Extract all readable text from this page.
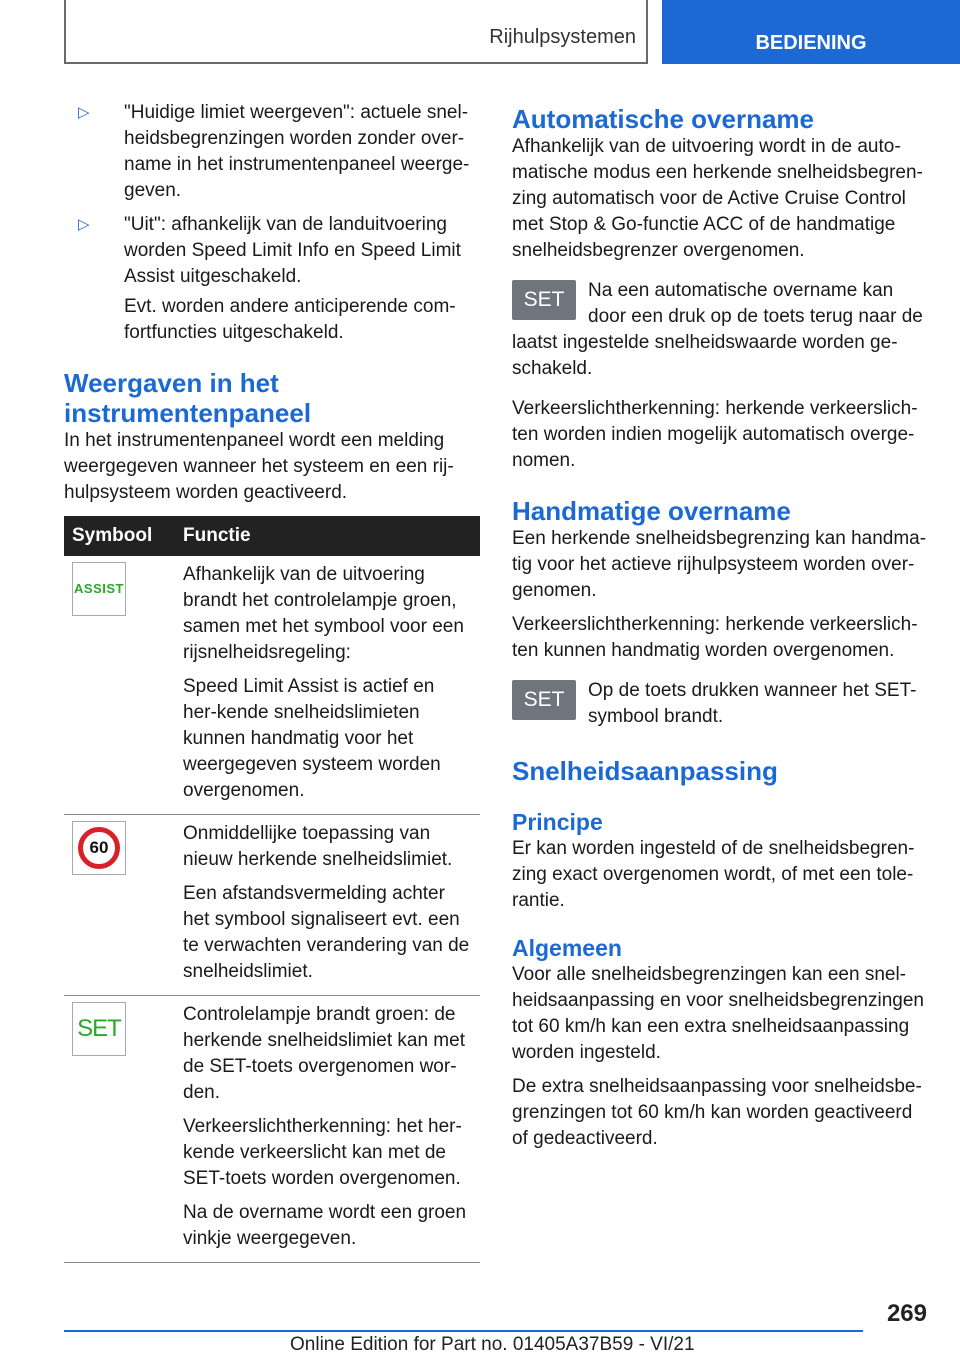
Rijhulpsystemen	BEDIENING
▷ "Huidige limiet weergeven": actuele snel-heidsbegrenzingen worden zonder over-name in het instrumentenpaneel weerge-geven.
▷ "Uit": afhankelijk van de landuitvoering worden Speed Limit Info en Speed Limit Assist uitgeschakeld.

Evt. worden andere anticiperende com-fortfuncties uitgeschakeld.

Weergaven in het instrumentenpaneel

In het instrumentenpaneel wordt een melding weergegeven wanneer het systeem en een rij-hulpsysteem worden geactiveerd.

Symbool	Functie

ASSIST	Afhankelijk van de uitvoering brandt het controlelampje groen, samen met het symbool voor een rijsnelheidsregeling:

Speed Limit Assist is actief en her-kende snelheidslimieten kunnen handmatig voor het weergegeven systeem worden overgenomen.

60	Onmiddellijke toepassing van nieuw herkende snelheidslimiet.

Een afstandsvermelding achter het symbool signaliseert evt. een te verwachten verandering van de snelheidslimiet.

SET	Controlelampje brandt groen: de herkende snelheidslimiet kan met de SET-toets overgenomen wor-den.

Verkeerslichtherkenning: het her-kende verkeerslicht kan met de SET-toets worden overgenomen.

Na de overname wordt een groen vinkje weergegeven.

Automatische overname

Afhankelijk van de uitvoering wordt in de auto-matische modus een herkende snelheidsbegren-zing automatisch voor de Active Cruise Control met Stop & Go-functie ACC of de handmatige snelheidsbegrenzer overgenomen.

SET	Na een automatische overname kan door een druk op de toets terug naar de laatst ingestelde snelheidswaarde worden ge-schakeld.

Verkeerslichtherkenning: herkende verkeerslich-ten worden indien mogelijk automatisch overge-nomen.

Handmatige overname

Een herkende snelheidsbegrenzing kan handma-tig voor het actieve rijhulpsysteem worden over-genomen.

Verkeerslichtherkenning: herkende verkeerslich-ten kunnen handmatig worden overgenomen.

SET	Op de toets drukken wanneer het SET-symbool brandt.

Snelheidsaanpassing
Principe

Er kan worden ingesteld of de snelheidsbegren-zing exact overgenomen wordt, of met een tole-rantie.

Algemeen

Voor alle snelheidsbegrenzingen kan een snel-heidsaanpassing en voor snelheidsbegrenzingen tot 60 km/h kan een extra snelheidsaanpassing worden ingesteld.

De extra snelheidsaanpassing voor snelheidsbe-grenzingen tot 60 km/h kan worden geactiveerd of gedeactiveerd.

269
Online Edition for Part no. 01405A37B59 - VI/21
